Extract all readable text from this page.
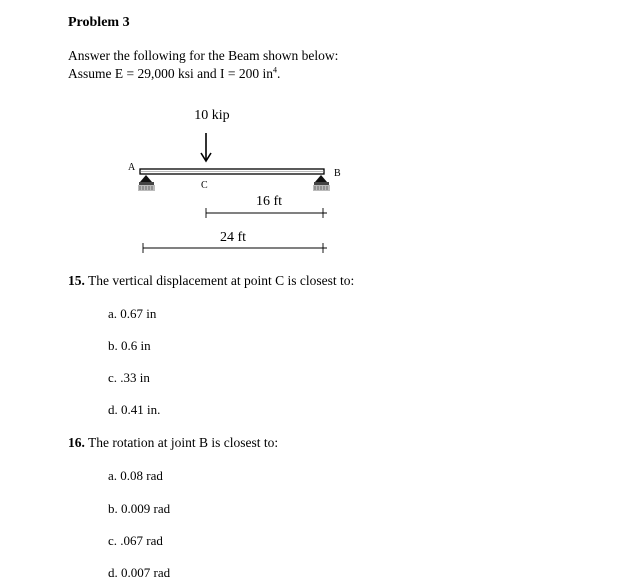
Problem 3
Answer the following for the Beam shown below:
Assume E = 29,000 ksi and I = 200 $in^4$.
10 kip
A
B
C
16 ft
24 ft
15. The vertical displacement at point C is closest to:
a. 0.67 in
b. 0.6 in
c. .33 in
d. 0.41 in.
16. The rotation at joint B is closest to:
a. 0.08 rad
b. 0.009 rad
c. .067 rad
d. 0.007 rad
